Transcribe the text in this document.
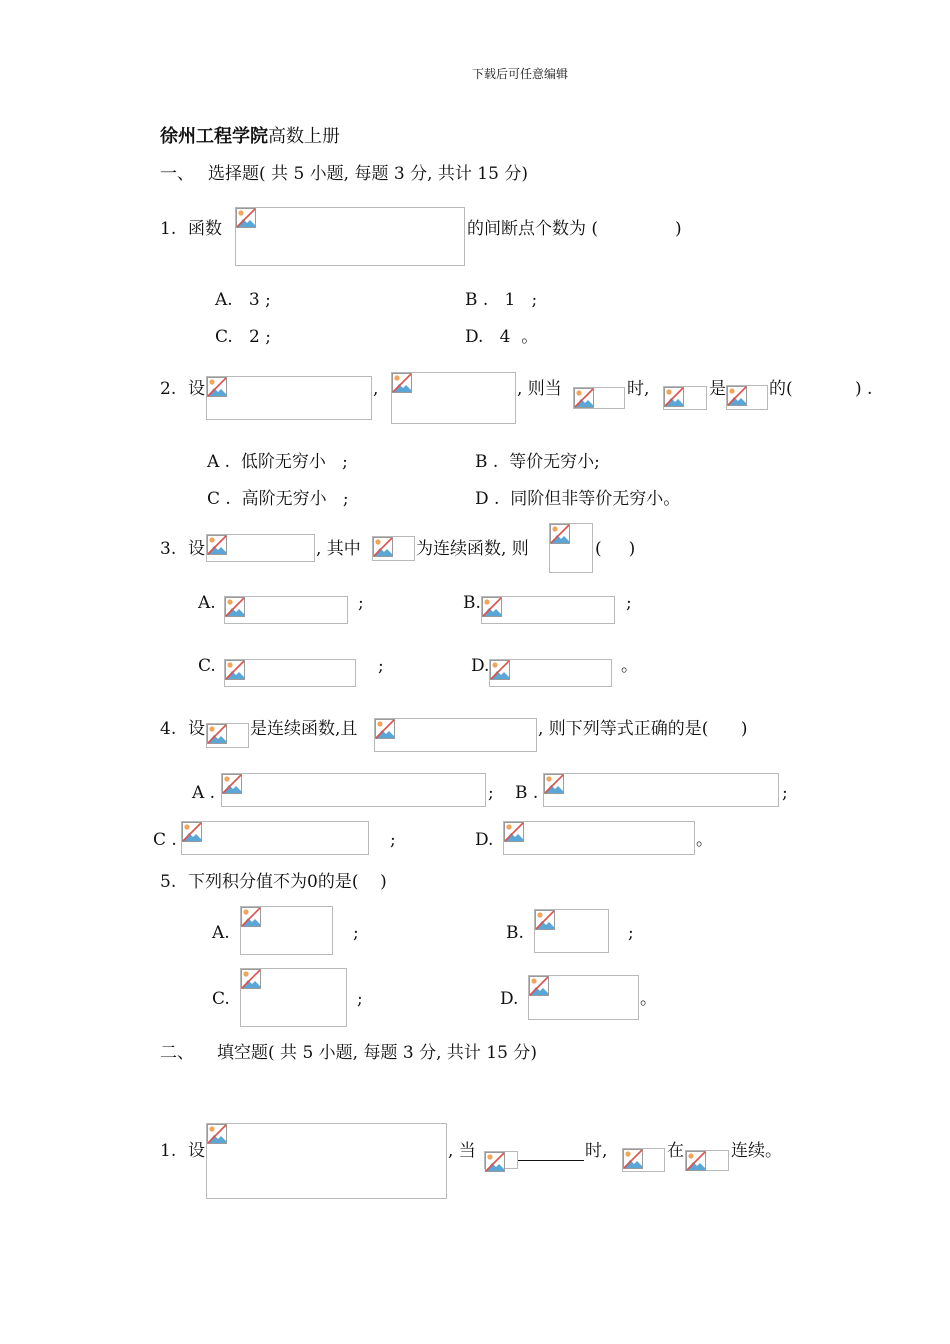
下载后可任意编辑
徐州工程学院高数上册
一、 选择题( 共 5 小题, 每题 3 分, 共计 15 分)
1. 函数	的间断点个数为 (	)
A.   3 ;	B .   1   ;
C.   2 ;	D.   4  。
2. 设	,	, 则当	时,	是	的(	) .
A .  低阶无穷小   ;	B .  等价无穷小;
C .  高阶无穷小   ;	D .  同阶但非等价无穷小。
3. 设	, 其中	为连续函数, 则	(     )
A.	;	B.	;
C.	;	D.	。
4. 设	是连续函数,且	, 则下列等式正确的是(      )
A .	; B .	;
C .	;	D.	。
5. 下列积分值不为0的是(    )
A.	;	B.	;
C.	;	D.	。
二、 填空题( 共 5 小题, 每题 3 分, 共计 15 分)
1. 设	, 当	时,	在	连续。
